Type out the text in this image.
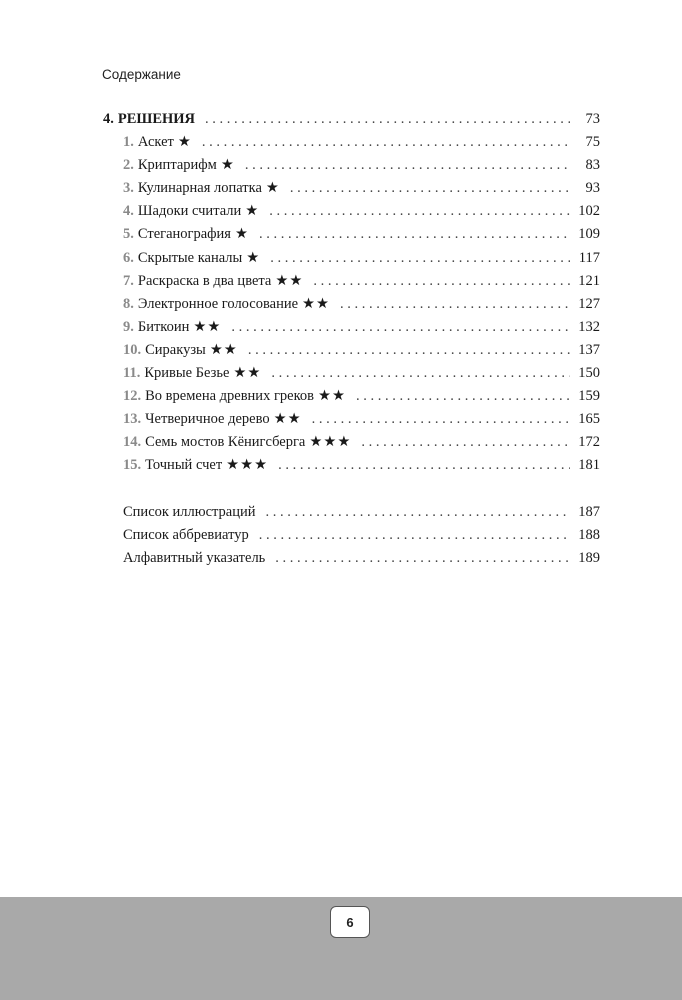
Содержание
4. РЕШЕНИЯ . . .	73
1. Аскет ★ . . .	75
2. Криптарифм ★ . . .	83
3. Кулинарная лопатка ★ . . .	93
4. Шадоки считали ★ . . .	102
5. Стеганография ★ . . .	109
6. Скрытые каналы ★ . . .	117
7. Раскраска в два цвета ★★ . . .	121
8. Электронное голосование ★★ . . .	127
9. Биткоин ★★ . . .	132
10. Сиракузы ★★ . . .	137
11. Кривые Безье ★★ . . .	150
12. Во времена древних греков ★★ . . .	159
13. Четверичное дерево ★★ . . .	165
14. Семь мостов Кёнигсберга ★★★ . . .	172
15. Точный счет ★★★ . . .	181
Список иллюстраций . . .	187
Список аббревиатур . . .	188
Алфавитный указатель . . .	189
6
